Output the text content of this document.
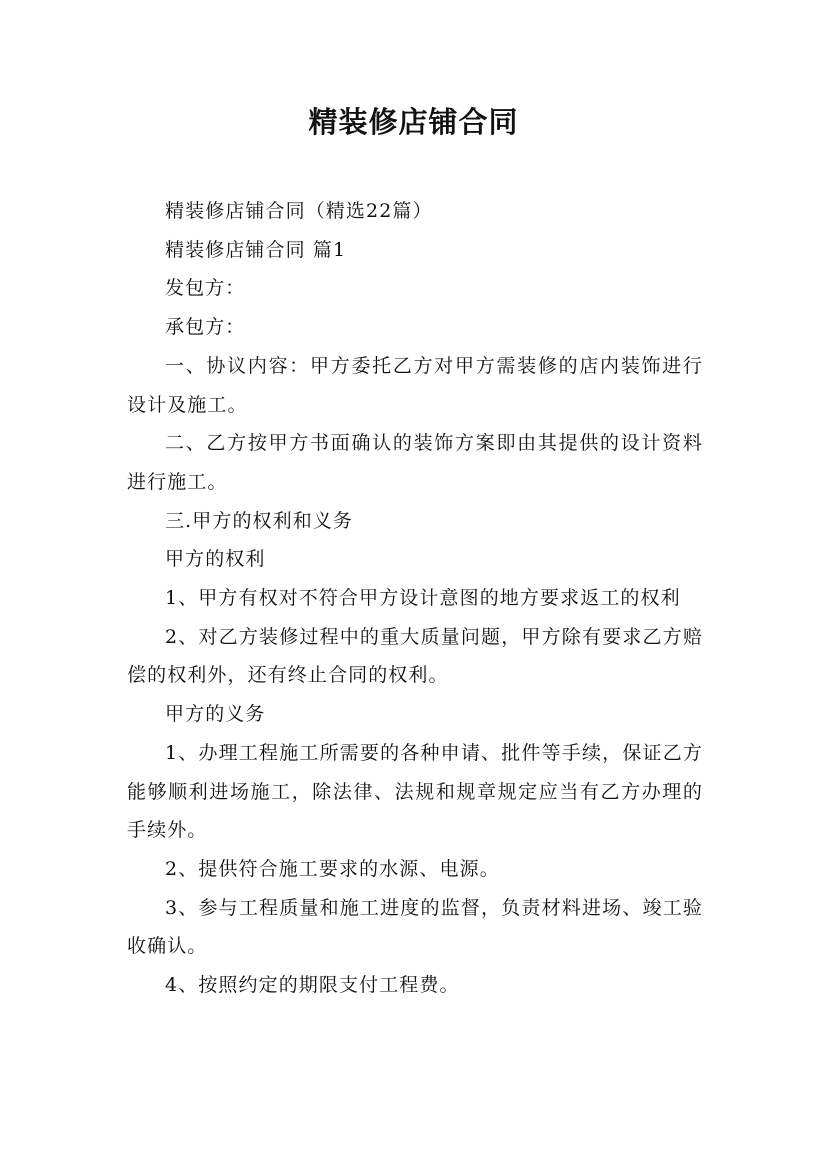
精装修店铺合同

精装修店铺合同（精选22篇）

精装修店铺合同 篇1

发包方：

承包方：

一、协议内容：甲方委托乙方对甲方需装修的店内装饰进行设计及施工。

二、乙方按甲方书面确认的装饰方案即由其提供的设计资料进行施工。

三.甲方的权利和义务

甲方的权利

1、甲方有权对不符合甲方设计意图的地方要求返工的权利

2、对乙方装修过程中的重大质量问题，甲方除有要求乙方赔偿的权利外，还有终止合同的权利。

甲方的义务

1、办理工程施工所需要的各种申请、批件等手续，保证乙方能够顺利进场施工，除法律、法规和规章规定应当有乙方办理的手续外。

2、提供符合施工要求的水源、电源。

3、参与工程质量和施工进度的监督，负责材料进场、竣工验收确认。

4、按照约定的期限支付工程费。
